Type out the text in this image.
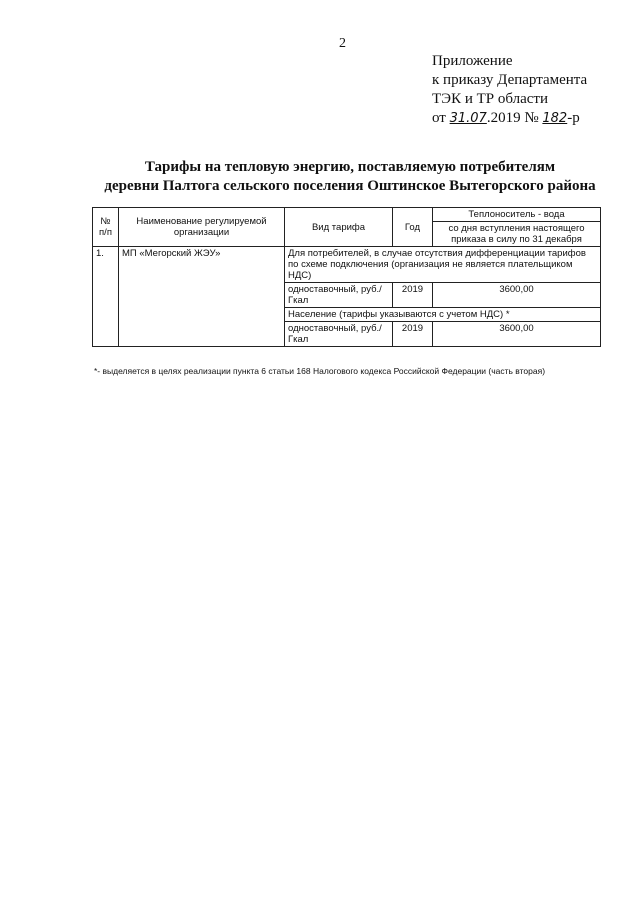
2
Приложение
к приказу Департамента
ТЭК и ТР области
от 31.07.2019 № 182-р
Тарифы на тепловую энергию, поставляемую потребителям
деревни Палтога сельского поселения Оштинское Вытегорского района
№ п/п	Наименование регулируемой организации	Вид тарифа	Год	Теплоноситель - вода
				со дня вступления настоящего приказа в силу по 31 декабря
1.	МП «Мегорский ЖЭУ»	Для потребителей, в случае отсутствия дифференциации тарифов по схеме подключения (организация не является плательщиком НДС)		
		одноставочный, руб./Гкал	2019	3600,00
		Население (тарифы указываются с учетом НДС) *		
		одноставочный, руб./Гкал	2019	3600,00
*- выделяется в целях реализации пункта 6 статьи 168 Налогового кодекса Российской Федерации (часть вторая)
